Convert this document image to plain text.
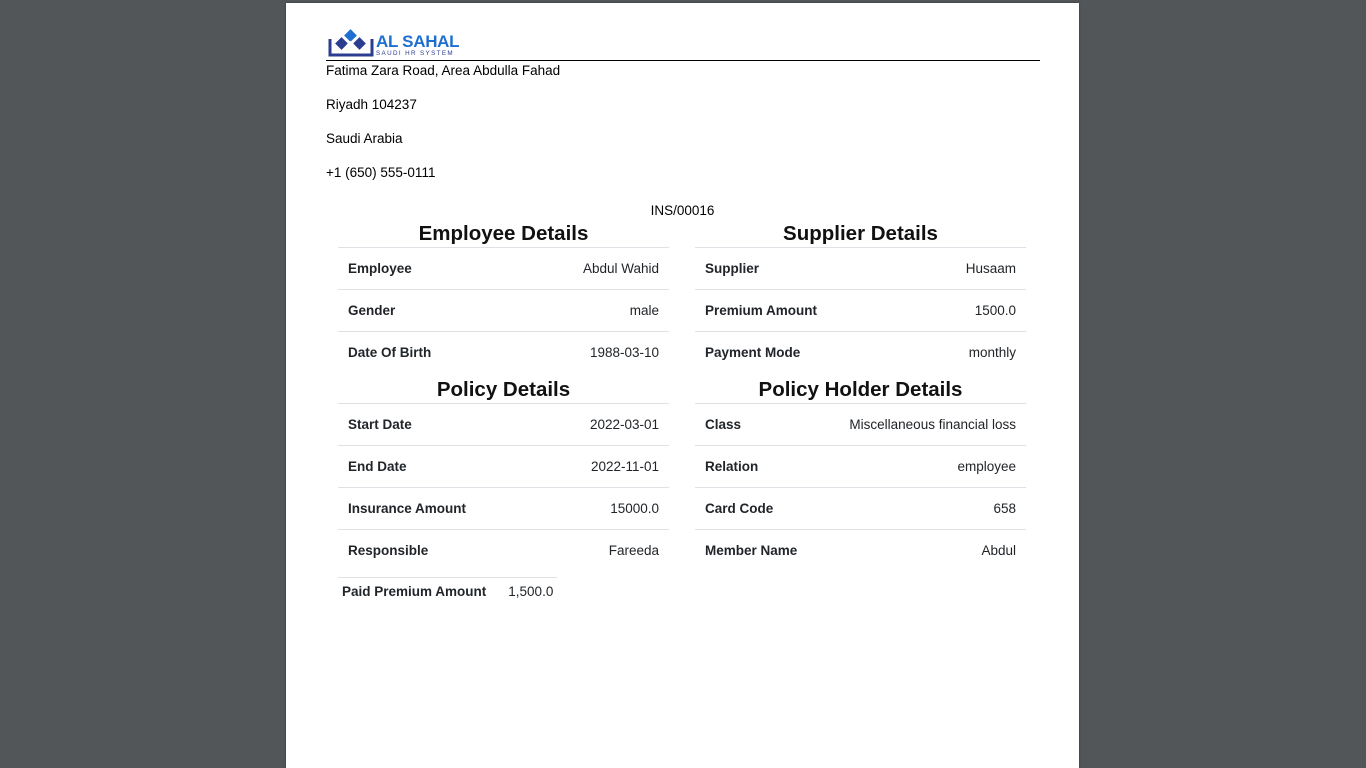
AL SAHAL
SAUDI HR SYSTEM
Fatima Zara Road, Area Abdulla Fahad
Riyadh 104237
Saudi Arabia
+1 (650) 555-0111
INS/00016
Employee Details
Employee	Abdul Wahid
Gender	male
Date Of Birth	1988-03-10
Supplier Details
Supplier	Husaam
Premium Amount	1500.0
Payment Mode	monthly
Policy Details
Start Date	2022-03-01
End Date	2022-11-01
Insurance Amount	15000.0
Responsible	Fareeda
Policy Holder Details
Class	Miscellaneous financial loss
Relation	employee
Card Code	658
Member Name	Abdul
Paid Premium Amount 1,500.0
